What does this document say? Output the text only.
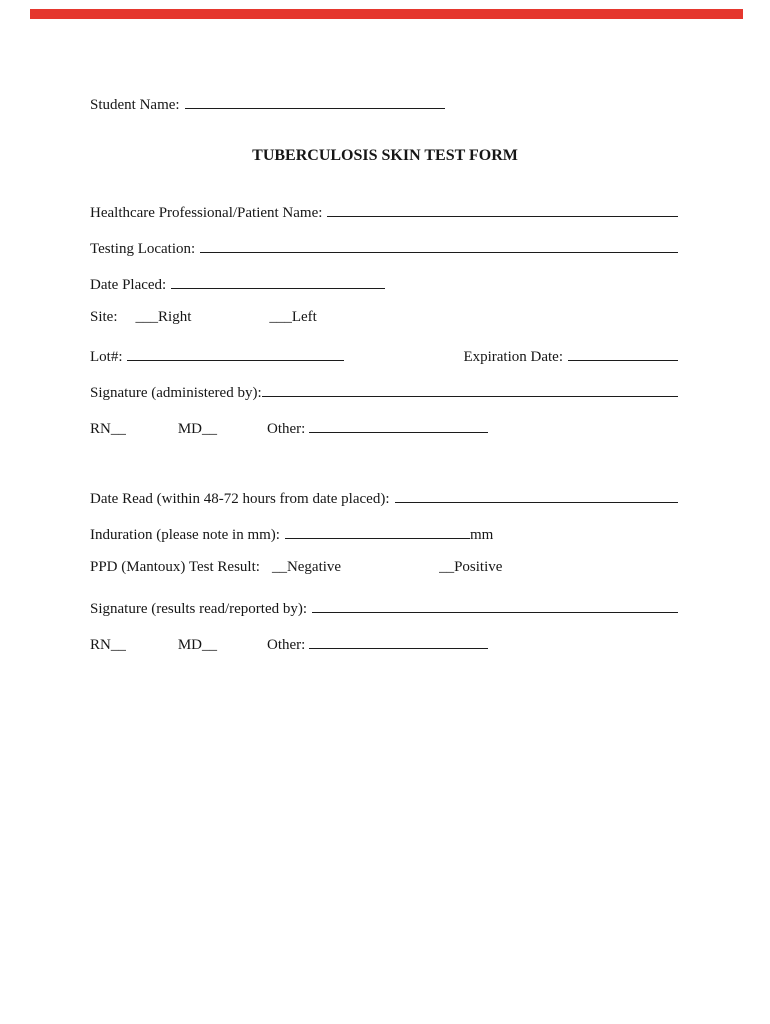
Student Name:
TUBERCULOSIS SKIN TEST FORM
Healthcare Professional/Patient Name:
Testing Location:
Date Placed:
Site: ___Right	___Left
Lot#:	Expiration Date:
Signature (administered by):
RN__	MD__	Other:
Date Read (within 48-72 hours from date placed):
Induration (please note in mm):	mm
PPD (Mantoux) Test Result: __Negative	__Positive
Signature (results read/reported by):
RN__	MD__	Other:
